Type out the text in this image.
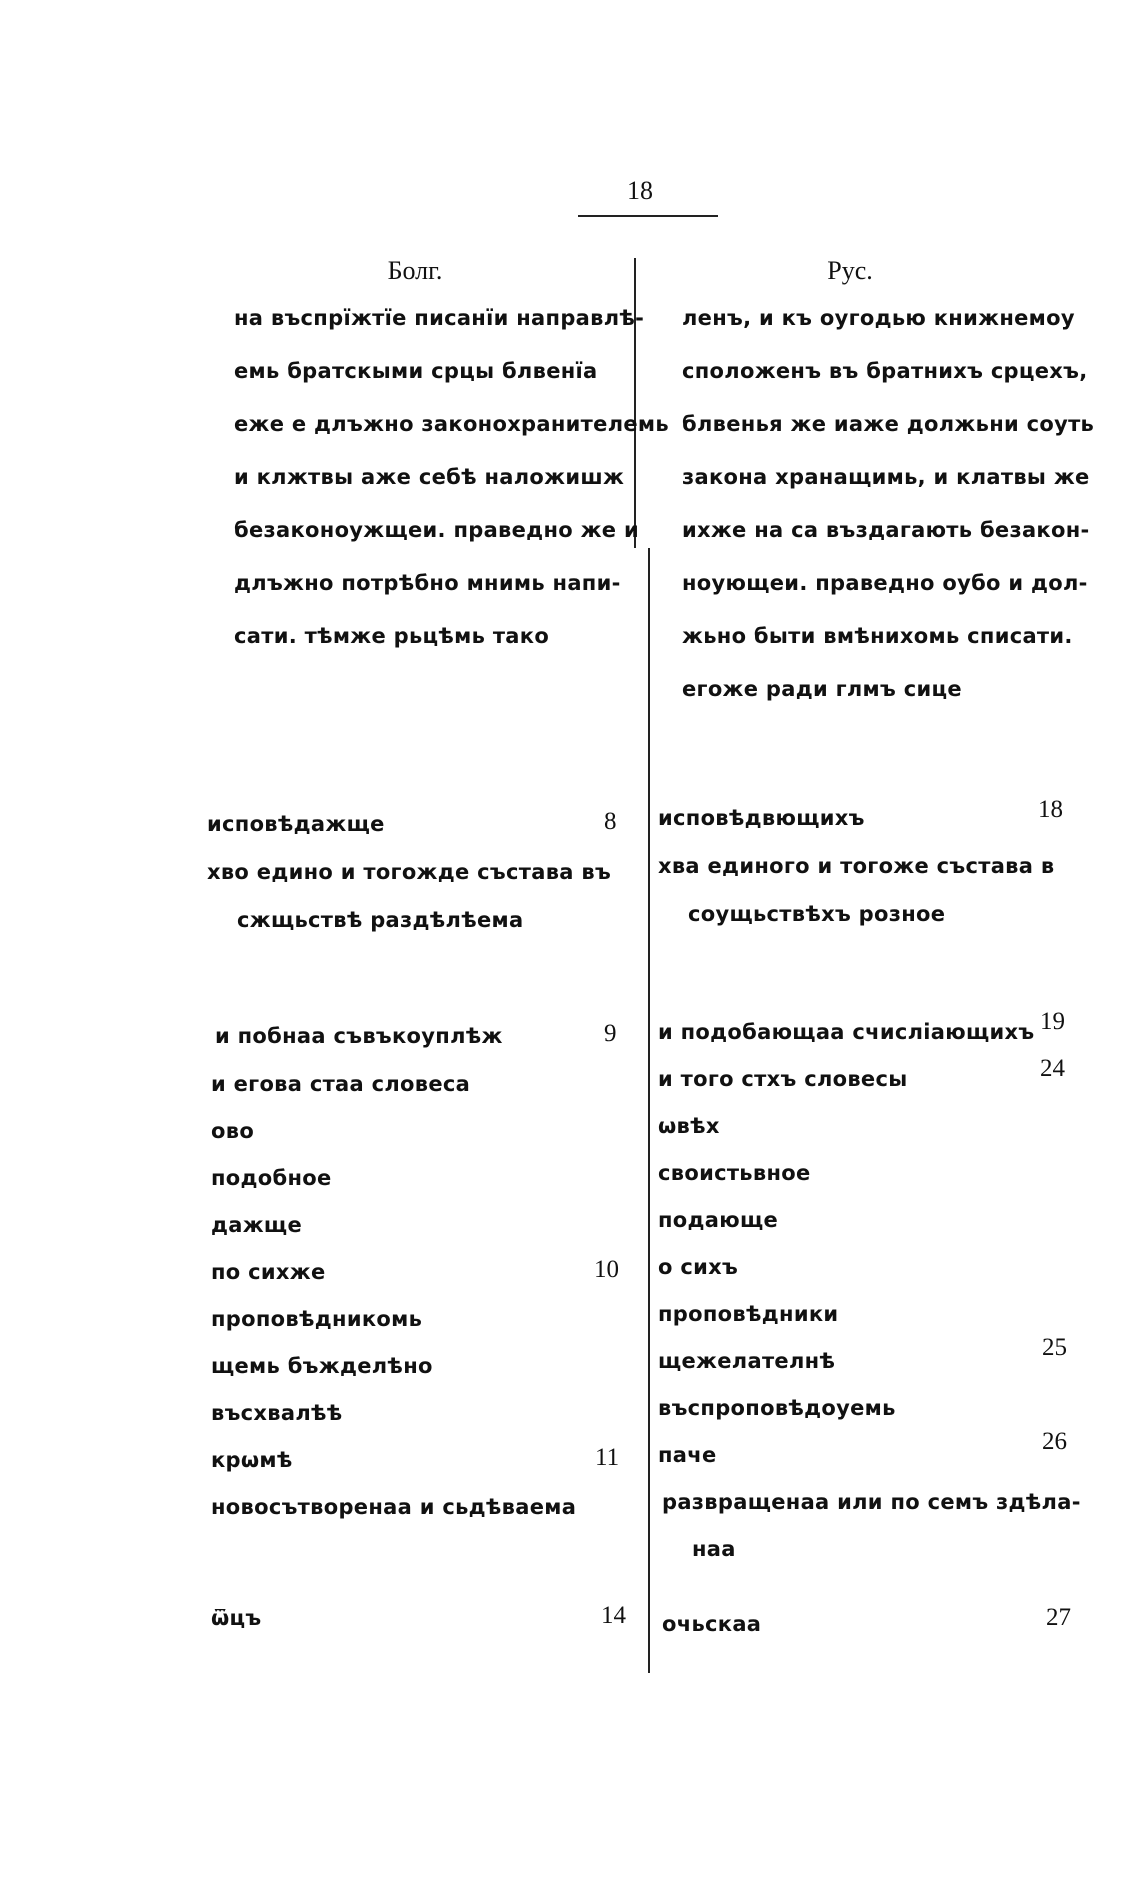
18
Болг.	Рус.
на въспрїжтїе писанїи направлѣ-
емь братскыми срцы блвенїа
еже е длъжно законохранителемь
и клжтвы аже себѣ наложишж
безаконоужщеи. праведно же и
длъжно потрѣбно мнимь напи-
сати. тѣмже рьцѣмь тако
ленъ, и къ оугодью книжнемоу
сположенъ въ братнихъ срцехъ,
блвенья же иаже должьни соуть
закона хранащимь, и клатвы же
ихже на са въздагають безакон-
ноующеи. праведно оубо и дол-
жьно быти вмѣнихомь списати.
егоже ради глмъ сице
исповѣдажще
хво едино и тогожде състава въ
сжщьствѣ раздѣлѣема
и побнаа съвъкоуплѣж
и егова стаа словеса
ово
подобное
дажще
по сихже
проповѣдникомь
щемь бъжделѣно
въсхвалѣѣ
крѡмѣ
новосътворенаа и сьдѣваема
ѿцъ
8
9
10
11
14
исповѣдвющихъ
хва единого и тогоже състава в
соущьствѣхъ розное
и подобающаа счисліающихъ
и того стхъ словесы
ѡвѣх
своистьвное
подающе
о сихъ
проповѣдники
щежелателнѣ
въспроповѣдоуемь
паче
развращенаа или по семъ здѣла-
наа
очьскаа
18
19
24
25
26
27
